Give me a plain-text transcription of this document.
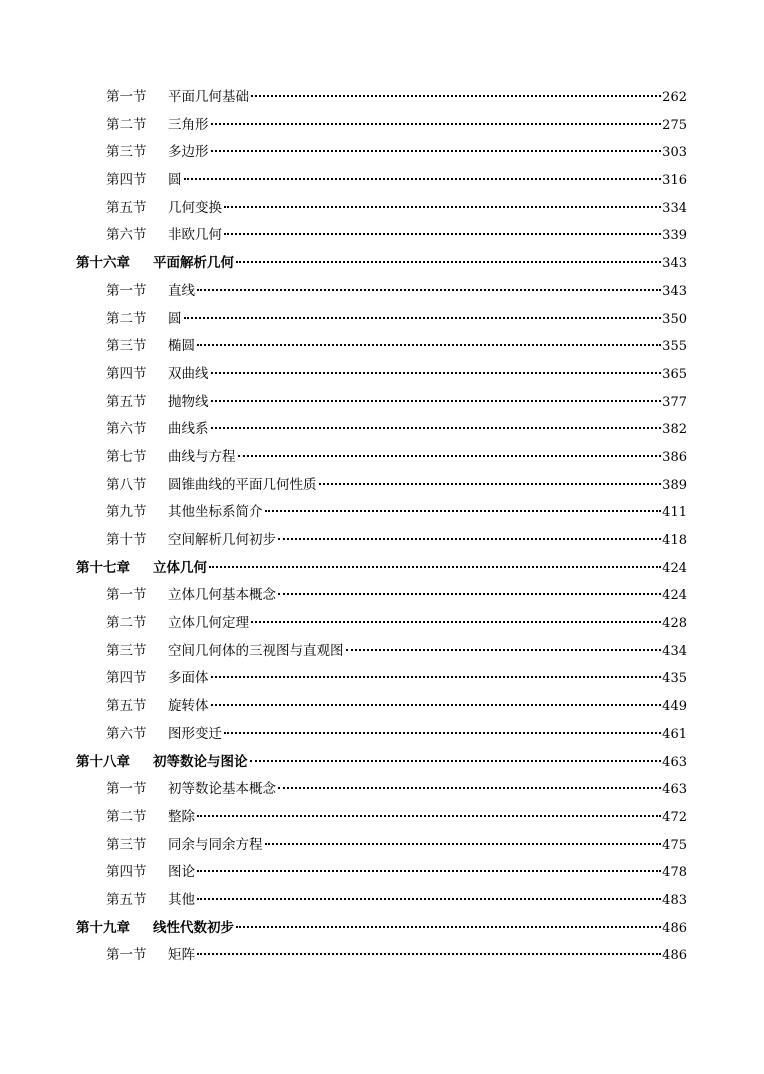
第一节	平面几何基础	262
第二节	三角形	275
第三节	多边形	303
第四节	圆	316
第五节	几何变换	334
第六节	非欧几何	339
第十六章	平面解析几何	343
第一节	直线	343
第二节	圆	350
第三节	椭圆	355
第四节	双曲线	365
第五节	抛物线	377
第六节	曲线系	382
第七节	曲线与方程	386
第八节	圆锥曲线的平面几何性质	389
第九节	其他坐标系简介	411
第十节	空间解析几何初步	418
第十七章	立体几何	424
第一节	立体几何基本概念	424
第二节	立体几何定理	428
第三节	空间几何体的三视图与直观图	434
第四节	多面体	435
第五节	旋转体	449
第六节	图形变迁	461
第十八章	初等数论与图论	463
第一节	初等数论基本概念	463
第二节	整除	472
第三节	同余与同余方程	475
第四节	图论	478
第五节	其他	483
第十九章	线性代数初步	486
第一节	矩阵	486
